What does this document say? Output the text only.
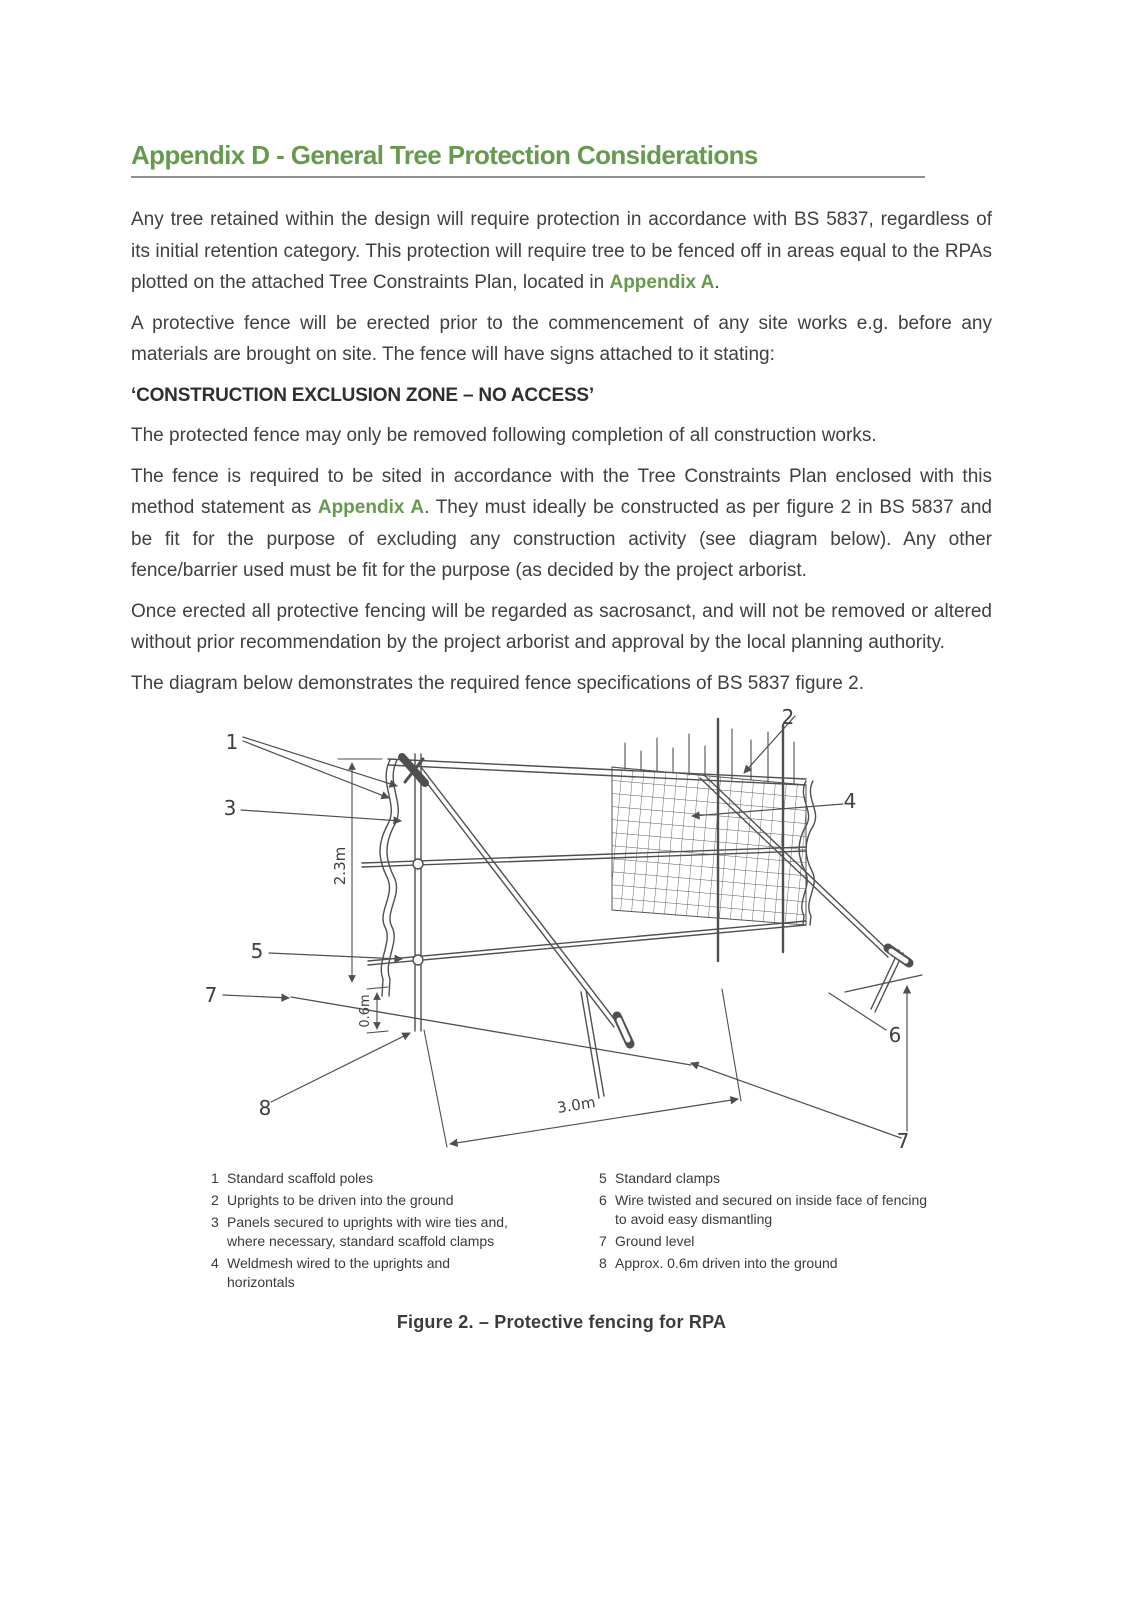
Appendix D - General Tree Protection Considerations

Any tree retained within the design will require protection in accordance with BS 5837, regardless of its initial retention category. This protection will require tree to be fenced off in areas equal to the RPAs plotted on the attached Tree Constraints Plan, located in Appendix A.

A protective fence will be erected prior to the commencement of any site works e.g. before any materials are brought on site. The fence will have signs attached to it stating:

‘CONSTRUCTION EXCLUSION ZONE – NO ACCESS’

The protected fence may only be removed following completion of all construction works.

The fence is required to be sited in accordance with the Tree Constraints Plan enclosed with this method statement as Appendix A. They must ideally be constructed as per figure 2 in BS 5837 and be fit for the purpose of excluding any construction activity (see diagram below). Any other fence/barrier used must be fit for the purpose (as decided by the project arborist.

Once erected all protective fencing will be regarded as sacrosanct, and will not be removed or altered without prior recommendation by the project arborist and approval by the local planning authority.

The diagram below demonstrates the required fence specifications of BS 5837 figure 2.

1
2
3	4
5
6
7
7
8
2.3m
0.6m
3.0m
1 Standard scaffold poles
2 Uprights to be driven into the ground
3 Panels secured to uprights with wire ties and, where necessary, standard scaffold clamps
4 Weldmesh wired to the uprights and horizontals
5 Standard clamps
6 Wire twisted and secured on inside face of fencing to avoid easy dismantling
7 Ground level
8 Approx. 0.6m driven into the ground
Figure 2. – Protective fencing for RPA
